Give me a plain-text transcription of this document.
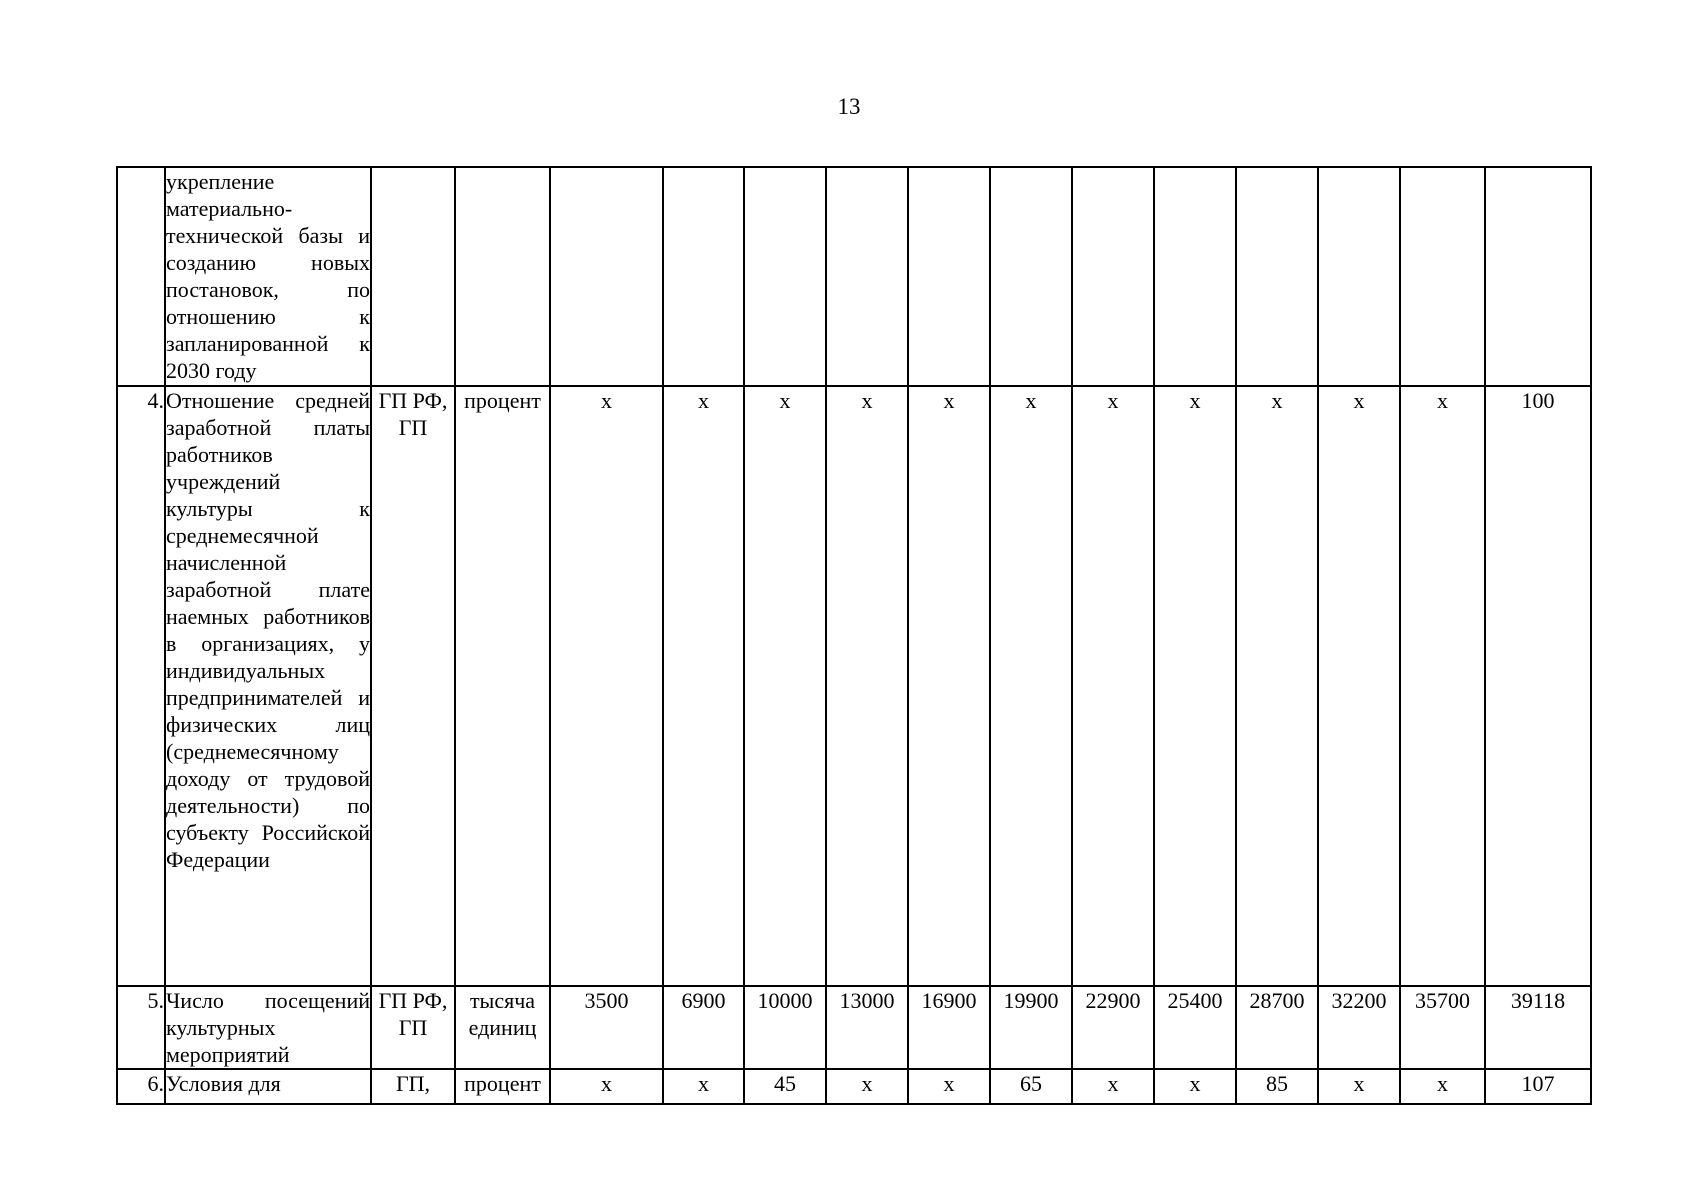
13
	укрепление материально-технической базы и созданию новых постановок, по отношению к запланированной к 2030 году														
4.	Отношение средней заработной платы работников учреждений культуры к среднемесячной начисленной заработной плате наемных работников в организациях, у индивидуальных предпринимателей и физических лиц (среднемесячному доходу от трудовой деятельности) по субъекту Российской Федерации	ГП РФ, ГП	процент	х	х	х	х	х	х	х	х	х	х	х	100
5.	Число посещений культурных мероприятий	ГП РФ, ГП	тысяча единиц	3500	6900	10000	13000	16900	19900	22900	25400	28700	32200	35700	39118
6.	Условия для	ГП,	процент	х	х	45	х	х	65	х	х	85	х	х	107
